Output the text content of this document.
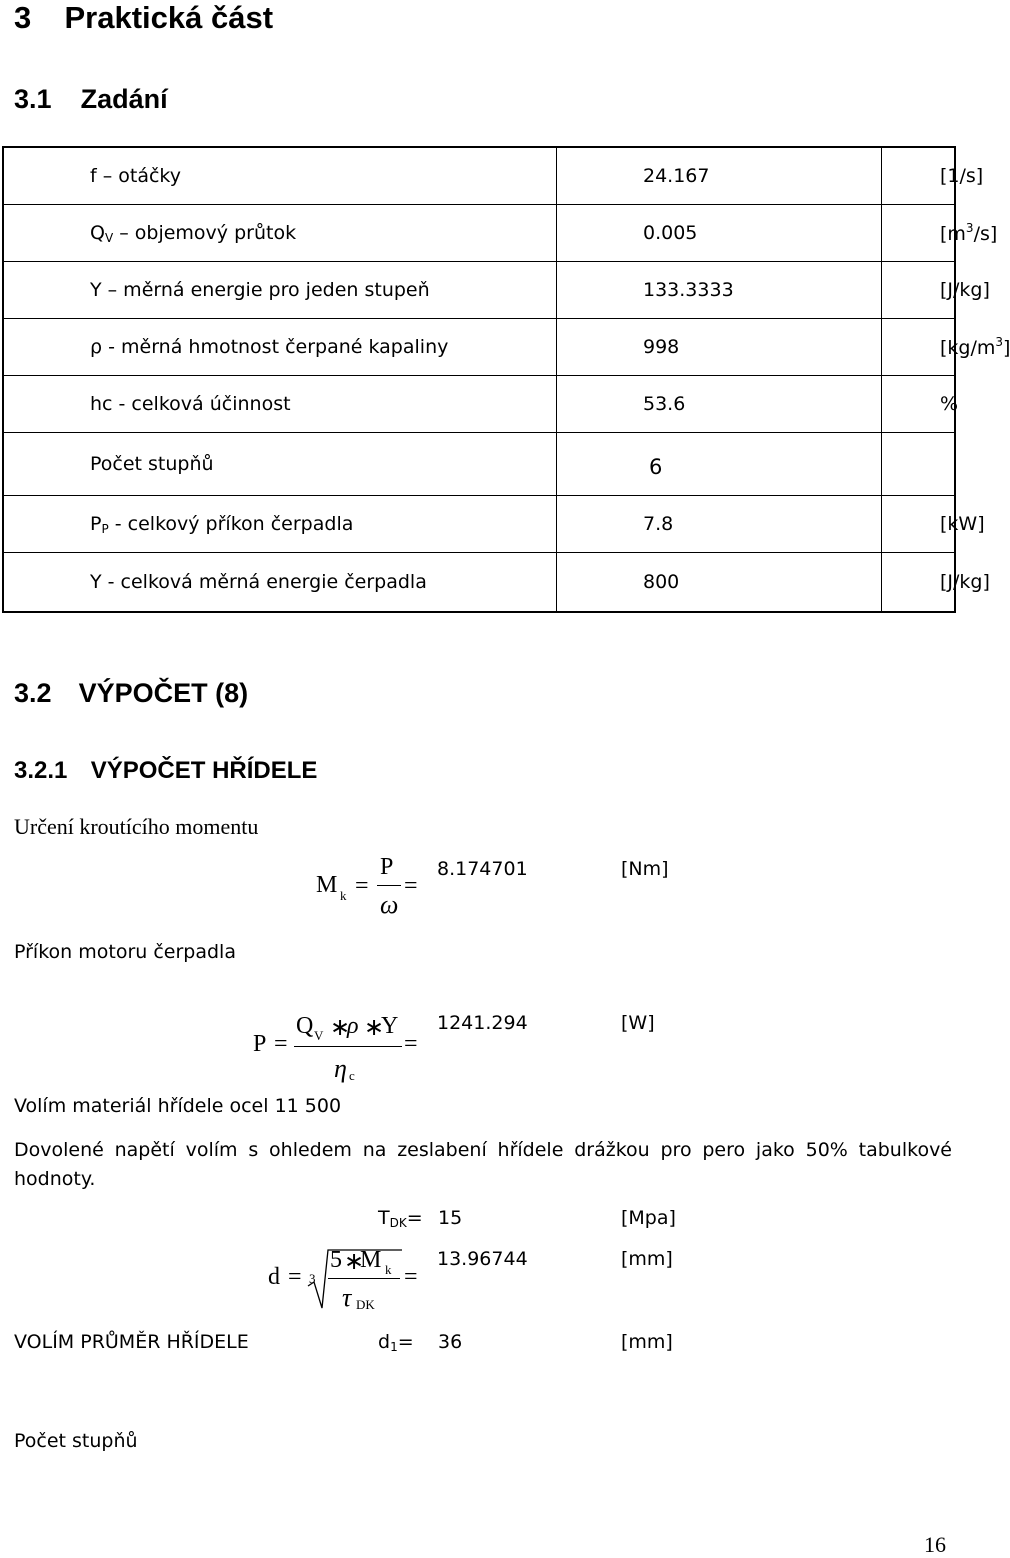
3 Praktická část
3.1 Zadání
f – otáčky	24.167	[1/s]
$Q_V$ – objemový průtok	0.005	$[m^3/s]$
Y – měrná energie pro jeden stupeň	133.3333	[J/kg]
ρ - měrná hmotnost čerpané kapaliny	998	$[kg/m^3]$
hc - celková účinnost	53.6	%
Počet stupňů	6	
$P_P$ - celkový příkon čerpadla	7.8	[kW]
Y - celková měrná energie čerpadla	800	[J/kg]
3.2 VÝPOČET (8)
3.2.1 VÝPOČET HŘÍDELE
Určení kroutícího momentu
M k =
P
ω
=
8.174701	[Nm]
Příkon motoru čerpadla
P =
Q V ∗
ρ ∗
Y
η c
=
1241.294	[W]
Volím materiál hřídele ocel 11 500
Dovolené napětí volím s ohledem na zeslabení hřídele drážkou pro pero jako 50% tabulkové hodnoty.
$T_{DK}= 15$	[Mpa]
d = 3
5 ∗
M k
τ DK
=
13.96744	[mm]
VOLÍM PRŮMĚR HŘÍDELE	$d_1= 36$	[mm]
Počet stupňů
16
